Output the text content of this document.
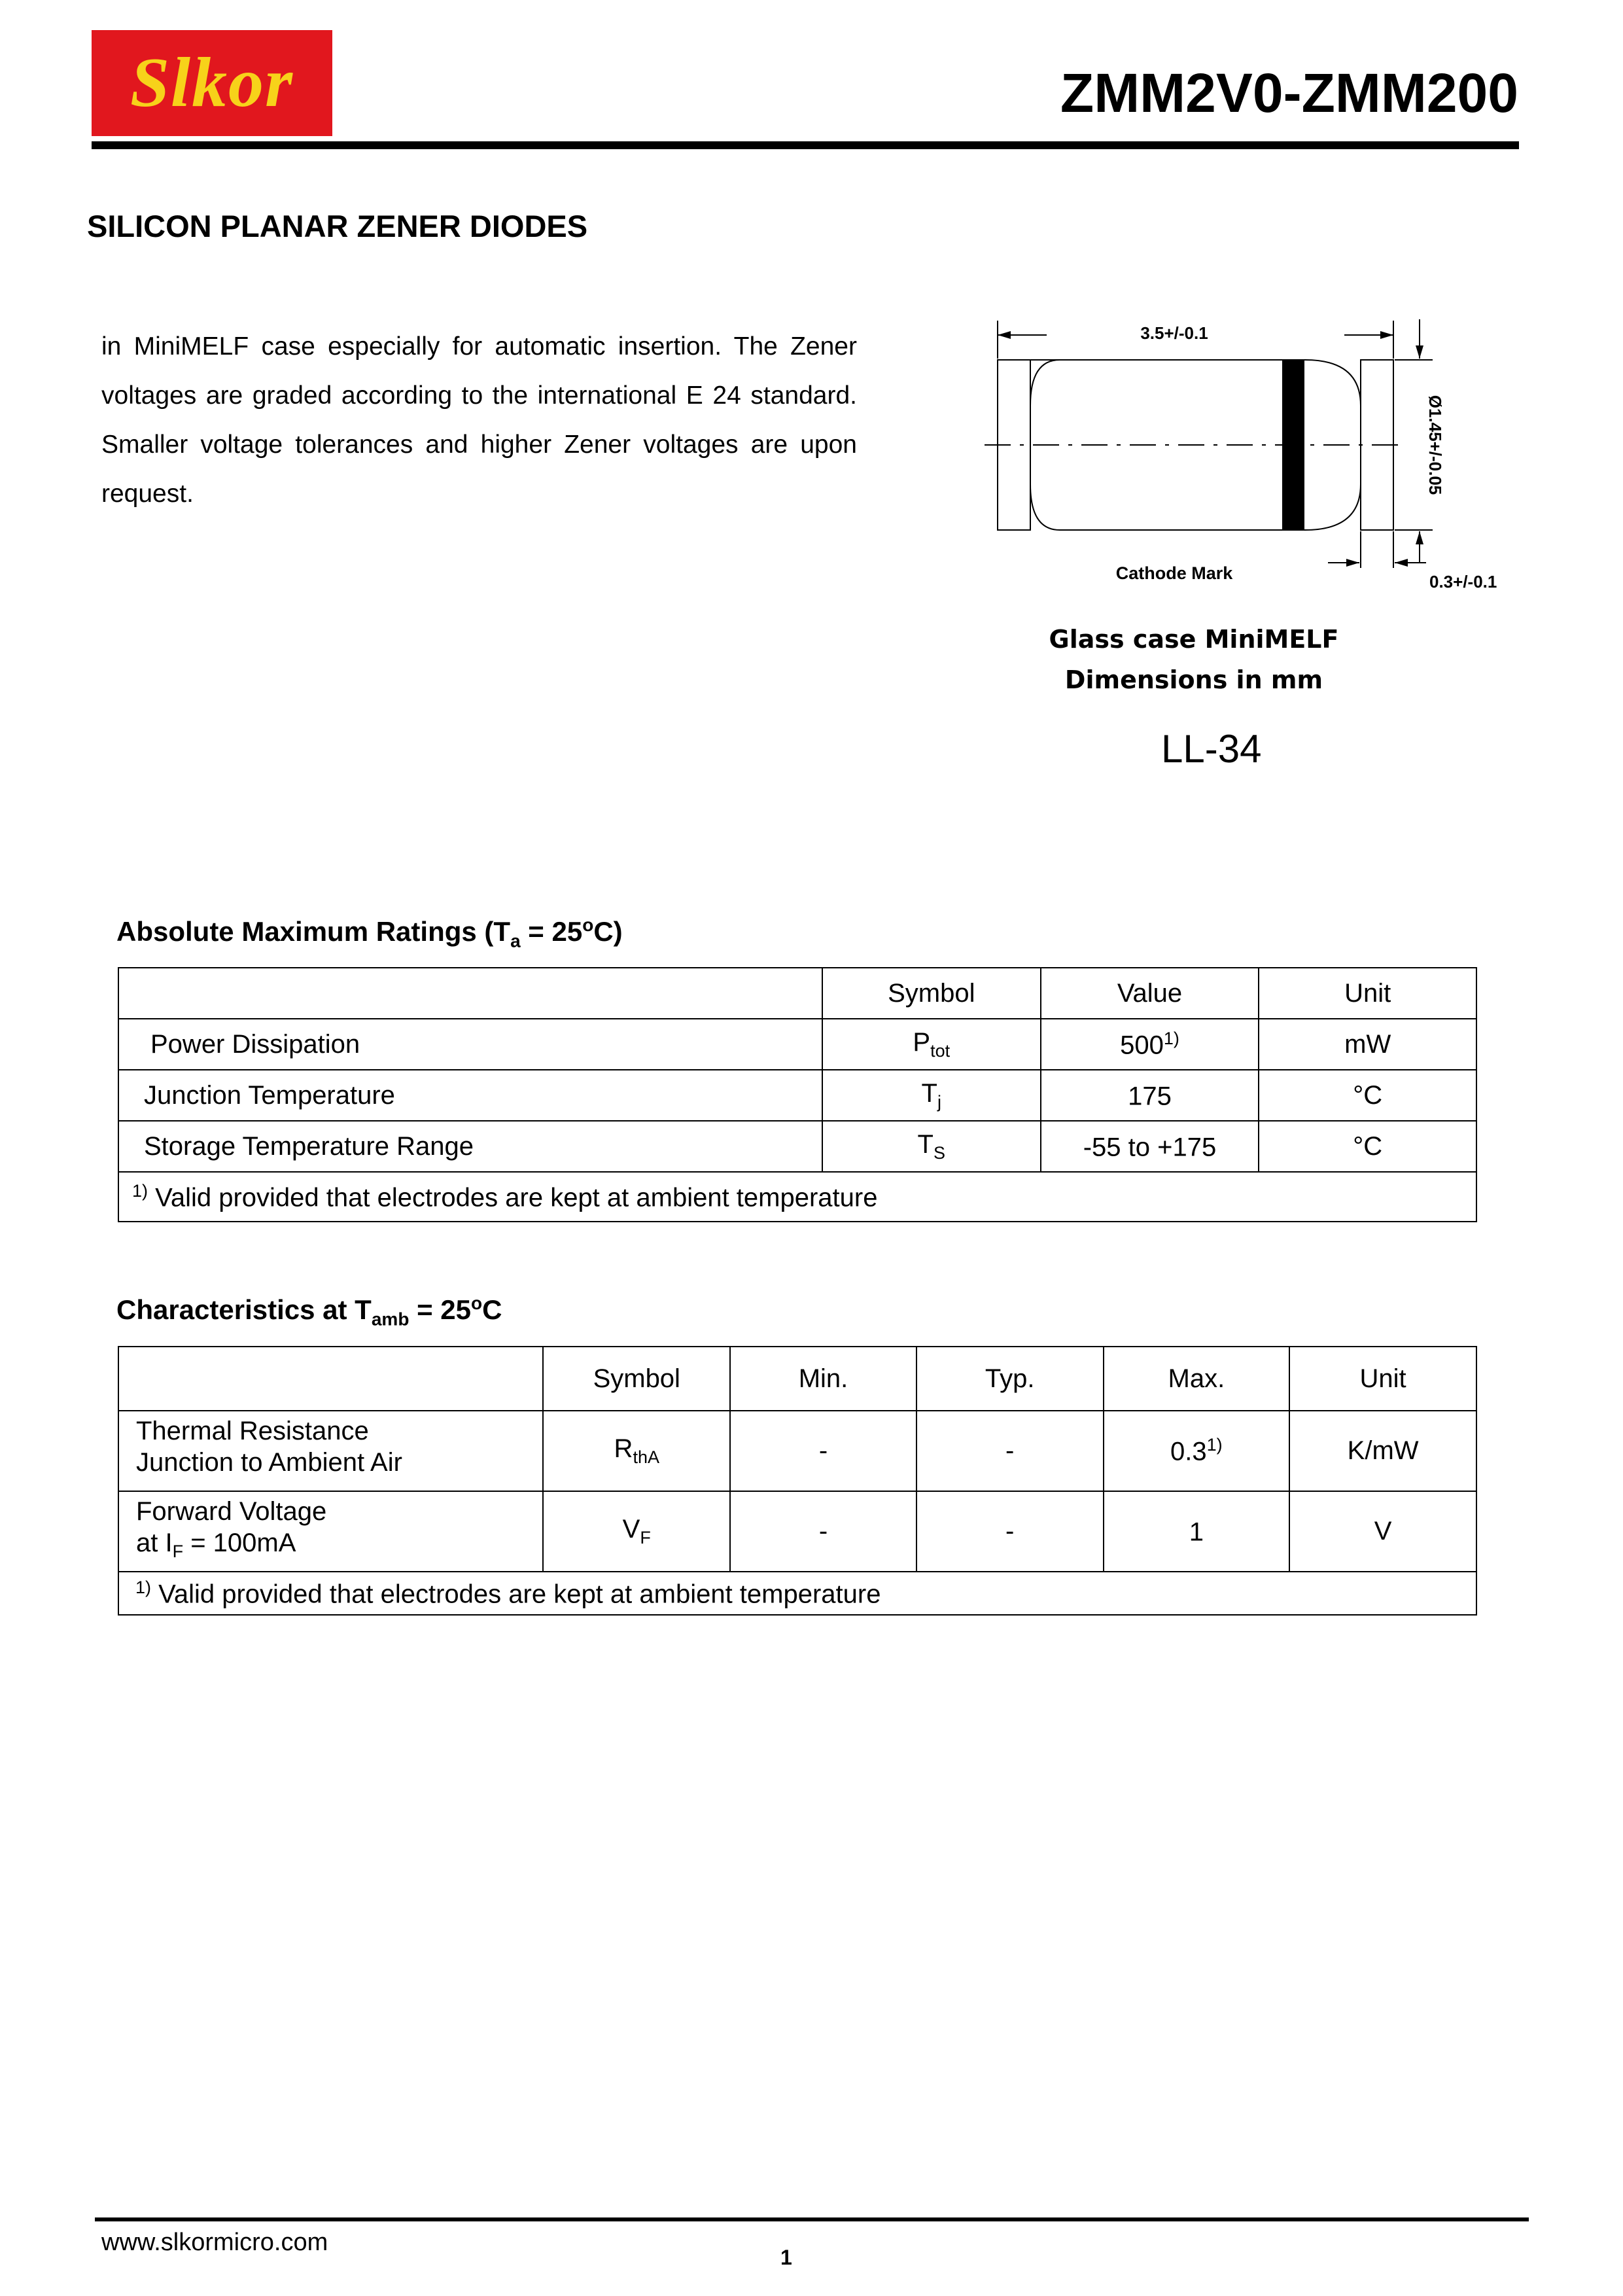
Slkor	ZMM2V0-ZMM200
SILICON PLANAR ZENER DIODES
in MiniMELF case especially for automatic insertion. The Zener voltages are graded according to the international E 24 standard. Smaller voltage tolerances and higher Zener voltages are upon request.
3.5+/-0.1
Ø1.45+/-0.05
0.3+/-0.1
Cathode Mark
Glass case MiniMELF
Dimensions in mm
LL-34
Absolute Maximum Ratings $(T_a = 25^oC)$
	Symbol	Value	Unit
Power Dissipation	$P_{tot}$	500$^{1)}$	mW
Junction Temperature	$T_j$	175	°C
Storage Temperature Range	$T_S$	-55 to +175	°C
$^{1)}$ Valid provided that electrodes are kept at ambient temperature			
Characteristics at $T_{amb} = 25^oC$
	Symbol	Min.	Typ.	Max.	Unit
Thermal Resistance
Junction to Ambient Air	$R_{thA}$	-	-	0.3$^{1)}$	K/mW
Forward Voltage
at $I_F = 100mA$	$V_F$	-	-	1	V
$^{1)}$ Valid provided that electrodes are kept at ambient temperature					
www.slkormicro.com
1
